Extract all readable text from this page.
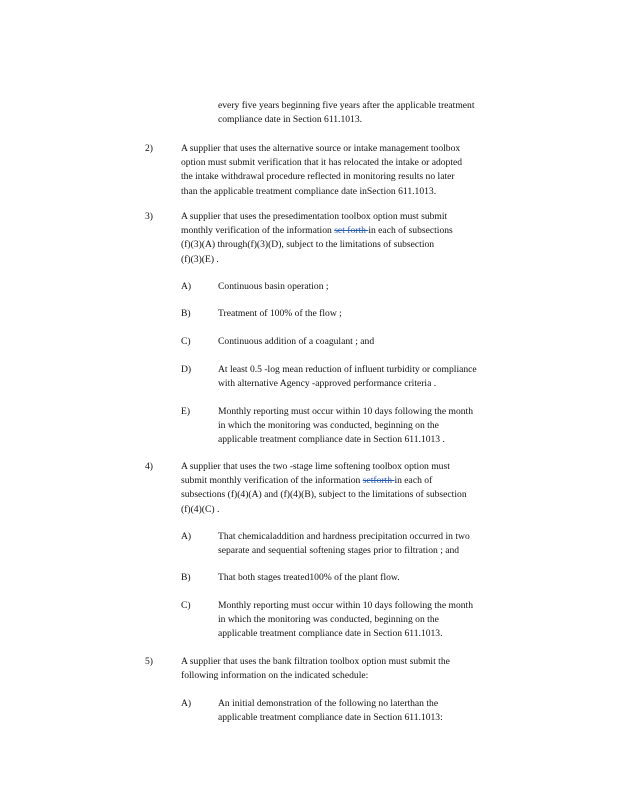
every five years beginning five years after the applicable treatment
compliance date in Section 611.1013.
2)	A supplier that uses the alternative source or intake management toolbox
option must submit verification that it has relocated the intake or adopted
the intake withdrawal procedure reflected in monitoring results no later
than the applicable treatment compliance date inSection 611.1013.
3)	A supplier that uses the presedimentation toolbox option must submit
monthly verification of the information set forth in each of subsections
(f)(3)(A) through(f)(3)(D), subject to the limitations of subsection
(f)(3)(E) .
A)	Continuous basin operation ;
B)	Treatment of 100% of the flow ;
C)	Continuous addition of a coagulant ; and
D)	At least 0.5 -log mean reduction of influent turbidity or compliance
with alternative Agency -approved performance criteria .
E)	Monthly reporting must occur within 10 days following the month
in which the monitoring was conducted, beginning on the
applicable treatment compliance date in Section 611.1013 .
4)	A supplier that uses the two -stage lime softening toolbox option must
submit monthly verification of the information setforth in each of
subsections (f)(4)(A) and (f)(4)(B), subject to the limitations of subsection
(f)(4)(C) .
A)	That chemicaladdition and hardness precipitation occurred in two
separate and sequential softening stages prior to filtration ; and
B)	That both stages treated100% of the plant flow.
C)	Monthly reporting must occur within 10 days following the month
in which the monitoring was conducted, beginning on the
applicable treatment compliance date in Section 611.1013.
5)	A supplier that uses the bank filtration toolbox option must submit the
following information on the indicated schedule:
A)	An initial demonstration of the following no laterthan the
applicable treatment compliance date in Section 611.1013:
